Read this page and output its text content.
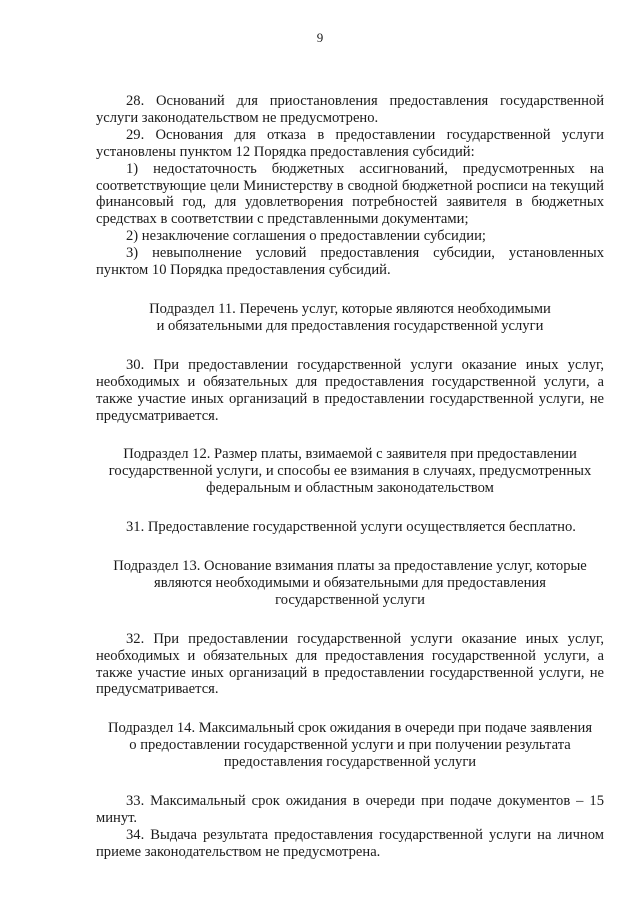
9

28. Оснований для приостановления предоставления государственной услуги законодательством не предусмотрено.

29. Основания для отказа в предоставлении государственной услуги установлены пунктом 12 Порядка предоставления субсидий:

1) недостаточность бюджетных ассигнований, предусмотренных на соответствующие цели Министерству в сводной бюджетной росписи на текущий финансовый год, для удовлетворения потребностей заявителя в бюджетных средствах в соответствии с представленными документами;

2) незаключение соглашения о предоставлении субсидии;

3) невыполнение условий предоставления субсидии, установленных пунктом 10 Порядка предоставления субсидий.

Подраздел 11. Перечень услуг, которые являются необходимыми
и обязательными для предоставления государственной услуги

30. При предоставлении государственной услуги оказание иных услуг, необходимых и обязательных для предоставления государственной услуги, а также участие иных организаций в предоставлении государственной услуги, не предусматривается.

Подраздел 12. Размер платы, взимаемой с заявителя при предоставлении
государственной услуги, и способы ее взимания в случаях, предусмотренных
федеральным и областным законодательством

31. Предоставление государственной услуги осуществляется бесплатно.

Подраздел 13. Основание взимания платы за предоставление услуг, которые
являются необходимыми и обязательными для предоставления
государственной услуги

32. При предоставлении государственной услуги оказание иных услуг, необходимых и обязательных для предоставления государственной услуги, а также участие иных организаций в предоставлении государственной услуги, не предусматривается.

Подраздел 14. Максимальный срок ожидания в очереди при подаче заявления
о предоставлении государственной услуги и при получении результата
предоставления государственной услуги

33. Максимальный срок ожидания в очереди при подаче документов – 15 минут.

34. Выдача результата предоставления государственной услуги на личном приеме законодательством не предусмотрена.
